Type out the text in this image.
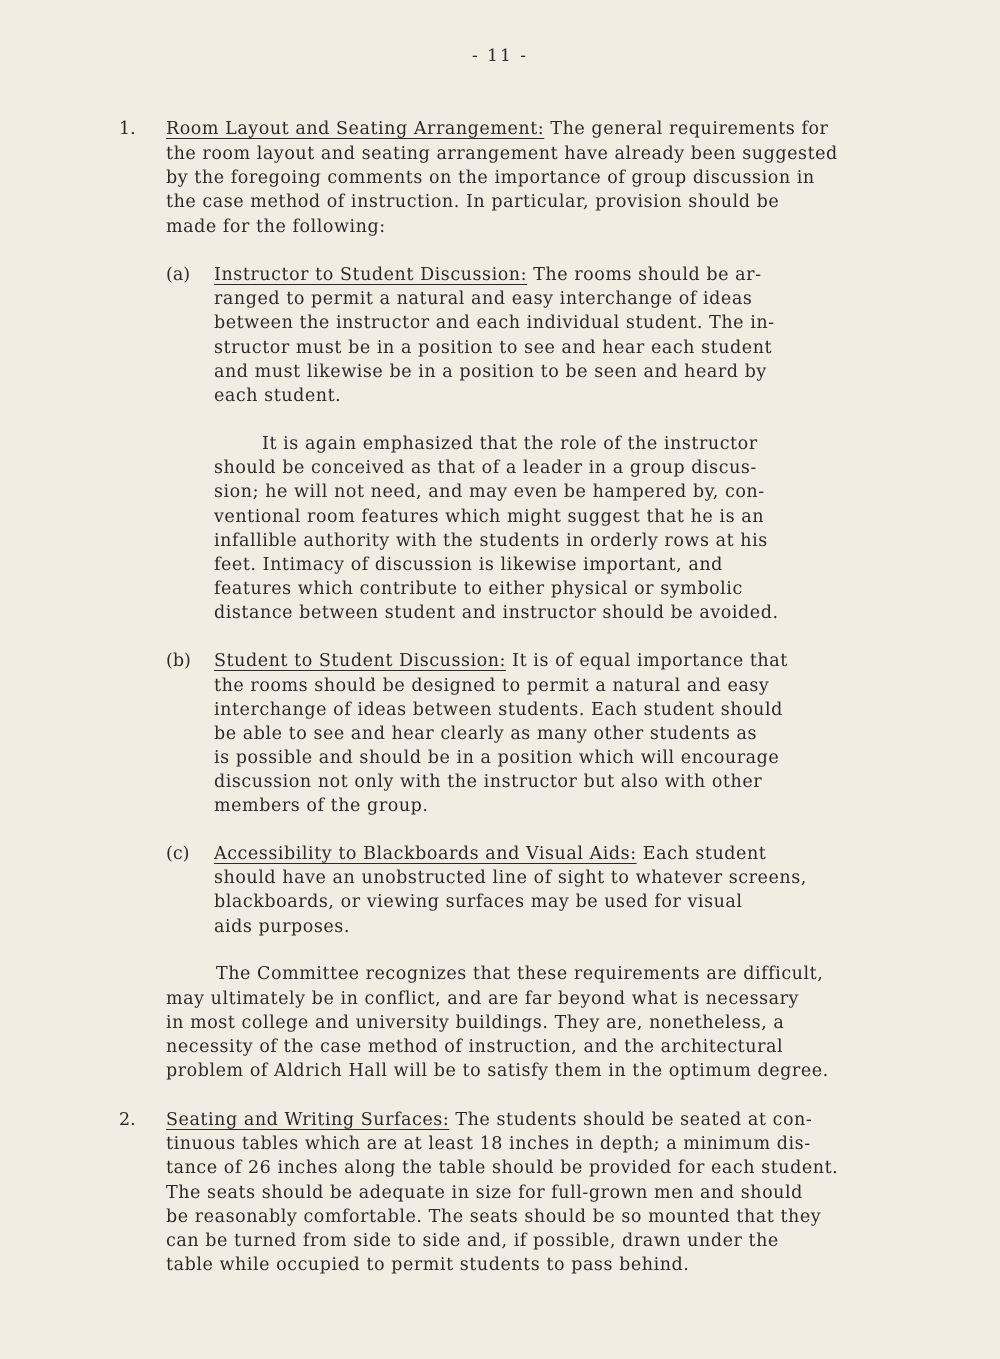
- 11 -
1. Room Layout and Seating Arrangement: The general requirements for
the room layout and seating arrangement have already been suggested
by the foregoing comments on the importance of group discussion in
the case method of instruction. In particular, provision should be
made for the following:
(a) Instructor to Student Discussion: The rooms should be ar-
ranged to permit a natural and easy interchange of ideas
between the instructor and each individual student. The in-
structor must be in a position to see and hear each student
and must likewise be in a position to be seen and heard by
each student.
It is again emphasized that the role of the instructor
should be conceived as that of a leader in a group discus-
sion; he will not need, and may even be hampered by, con-
ventional room features which might suggest that he is an
infallible authority with the students in orderly rows at his
feet. Intimacy of discussion is likewise important, and
features which contribute to either physical or symbolic
distance between student and instructor should be avoided.
(b) Student to Student Discussion: It is of equal importance that
the rooms should be designed to permit a natural and easy
interchange of ideas between students. Each student should
be able to see and hear clearly as many other students as
is possible and should be in a position which will encourage
discussion not only with the instructor but also with other
members of the group.
(c) Accessibility to Blackboards and Visual Aids: Each student
should have an unobstructed line of sight to whatever screens,
blackboards, or viewing surfaces may be used for visual
aids purposes.
The Committee recognizes that these requirements are difficult,
may ultimately be in conflict, and are far beyond what is necessary
in most college and university buildings. They are, nonetheless, a
necessity of the case method of instruction, and the architectural
problem of Aldrich Hall will be to satisfy them in the optimum degree.
2. Seating and Writing Surfaces: The students should be seated at con-
tinuous tables which are at least 18 inches in depth; a minimum dis-
tance of 26 inches along the table should be provided for each student.
The seats should be adequate in size for full-grown men and should
be reasonably comfortable. The seats should be so mounted that they
can be turned from side to side and, if possible, drawn under the
table while occupied to permit students to pass behind.
